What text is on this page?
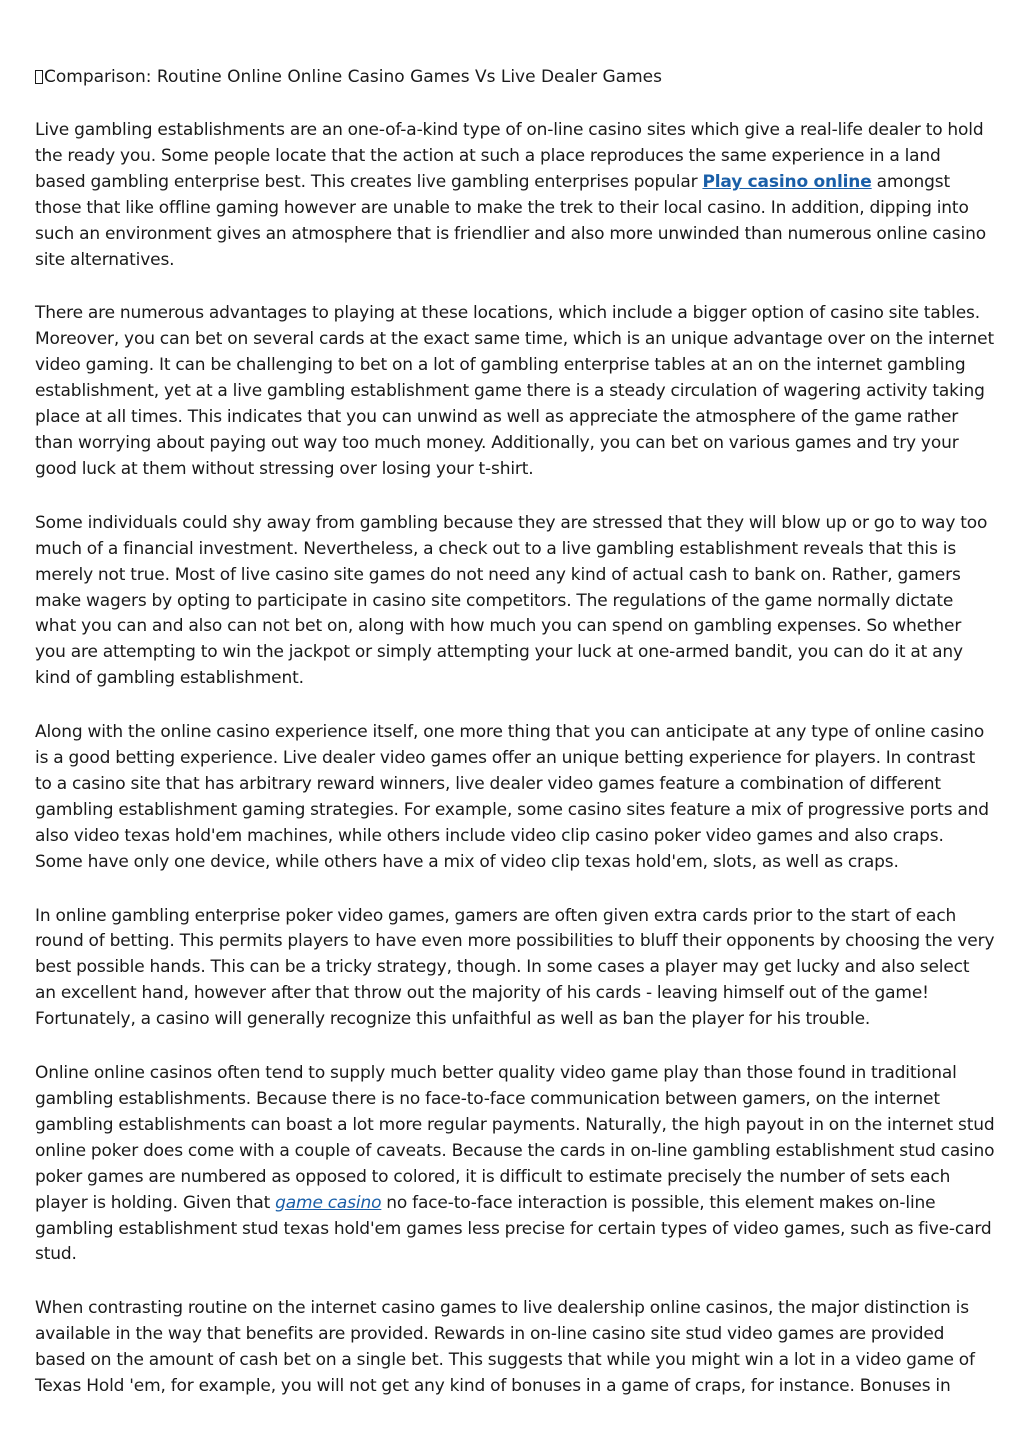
Comparison: Routine Online Online Casino Games Vs Live Dealer Games

Live gambling establishments are an one-of-a-kind type of on-line casino sites which give a real-life dealer to hold the ready you. Some people locate that the action at such a place reproduces the same experience in a land based gambling enterprise best. This creates live gambling enterprises popular Play casino online amongst those that like offline gaming however are unable to make the trek to their local casino. In addition, dipping into such an environment gives an atmosphere that is friendlier and also more unwinded than numerous online casino site alternatives.

There are numerous advantages to playing at these locations, which include a bigger option of casino site tables. Moreover, you can bet on several cards at the exact same time, which is an unique advantage over on the internet video gaming. It can be challenging to bet on a lot of gambling enterprise tables at an on the internet gambling establishment, yet at a live gambling establishment game there is a steady circulation of wagering activity taking place at all times. This indicates that you can unwind as well as appreciate the atmosphere of the game rather than worrying about paying out way too much money. Additionally, you can bet on various games and try your good luck at them without stressing over losing your t-shirt.

Some individuals could shy away from gambling because they are stressed that they will blow up or go to way too much of a financial investment. Nevertheless, a check out to a live gambling establishment reveals that this is merely not true. Most of live casino site games do not need any kind of actual cash to bank on. Rather, gamers make wagers by opting to participate in casino site competitors. The regulations of the game normally dictate what you can and also can not bet on, along with how much you can spend on gambling expenses. So whether you are attempting to win the jackpot or simply attempting your luck at one-armed bandit, you can do it at any kind of gambling establishment.

Along with the online casino experience itself, one more thing that you can anticipate at any type of online casino is a good betting experience. Live dealer video games offer an unique betting experience for players. In contrast to a casino site that has arbitrary reward winners, live dealer video games feature a combination of different gambling establishment gaming strategies. For example, some casino sites feature a mix of progressive ports and also video texas hold'em machines, while others include video clip casino poker video games and also craps. Some have only one device, while others have a mix of video clip texas hold'em, slots, as well as craps.

In online gambling enterprise poker video games, gamers are often given extra cards prior to the start of each round of betting. This permits players to have even more possibilities to bluff their opponents by choosing the very best possible hands. This can be a tricky strategy, though. In some cases a player may get lucky and also select an excellent hand, however after that throw out the majority of his cards - leaving himself out of the game! Fortunately, a casino will generally recognize this unfaithful as well as ban the player for his trouble.

Online online casinos often tend to supply much better quality video game play than those found in traditional gambling establishments. Because there is no face-to-face communication between gamers, on the internet gambling establishments can boast a lot more regular payments. Naturally, the high payout in on the internet stud online poker does come with a couple of caveats. Because the cards in on-line gambling establishment stud casino poker games are numbered as opposed to colored, it is difficult to estimate precisely the number of sets each player is holding. Given that game casino no face-to-face interaction is possible, this element makes on-line gambling establishment stud texas hold'em games less precise for certain types of video games, such as five-card stud.

When contrasting routine on the internet casino games to live dealership online casinos, the major distinction is available in the way that benefits are provided. Rewards in on-line casino site stud video games are provided based on the amount of cash bet on a single bet. This suggests that while you might win a lot in a video game of Texas Hold 'em, for example, you will not get any kind of bonuses in a game of craps, for instance. Bonuses in
